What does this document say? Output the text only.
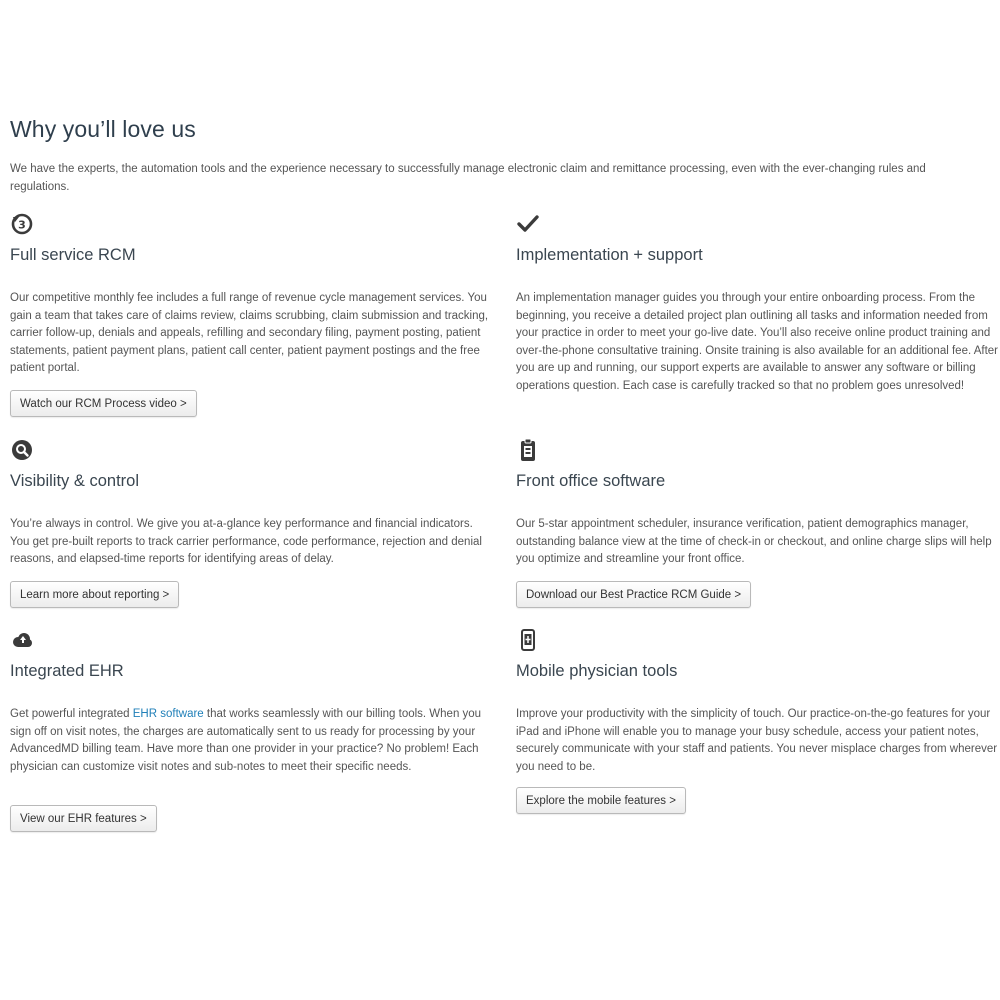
Why you’ll love us

We have the experts, the automation tools and the experience necessary to successfully manage electronic claim and remittance processing, even with the ever-changing rules and regulations.

3
Full service RCM

Our competitive monthly fee includes a full range of revenue cycle management services. You gain a team that takes care of claims review, claims scrubbing, claim submission and tracking, carrier follow-up, denials and appeals, refilling and secondary filing, payment posting, patient statements, patient payment plans, patient call center, patient payment postings and the free patient portal.

Watch our RCM Process video >
Implementation + support

An implementation manager guides you through your entire onboarding process. From the beginning, you receive a detailed project plan outlining all tasks and information needed from your practice in order to meet your go-live date. You’ll also receive online product training and over-the-phone consultative training. Onsite training is also available for an additional fee. After you are up and running, our support experts are available to answer any software or billing operations question. Each case is carefully tracked so that no problem goes unresolved!

Visibility & control

You’re always in control. We give you at-a-glance key performance and financial indicators. You get pre-built reports to track carrier performance, code performance, rejection and denial reasons, and elapsed-time reports for identifying areas of delay.

Learn more about reporting >
Front office software

Our 5-star appointment scheduler, insurance verification, patient demographics manager, outstanding balance view at the time of check-in or checkout, and online charge slips will help you optimize and streamline your front office.

Download our Best Practice RCM Guide >
Integrated EHR

Get powerful integrated EHR software that works seamlessly with our billing tools. When you sign off on visit notes, the charges are automatically sent to us ready for processing by your AdvancedMD billing team. Have more than one provider in your practice? No problem! Each physician can customize visit notes and sub-notes to meet their specific needs.

View our EHR features >
Mobile physician tools

Improve your productivity with the simplicity of touch. Our practice-on-the-go features for your iPad and iPhone will enable you to manage your busy schedule, access your patient notes, securely communicate with your staff and patients. You never misplace charges from wherever you need to be.

Explore the mobile features >
